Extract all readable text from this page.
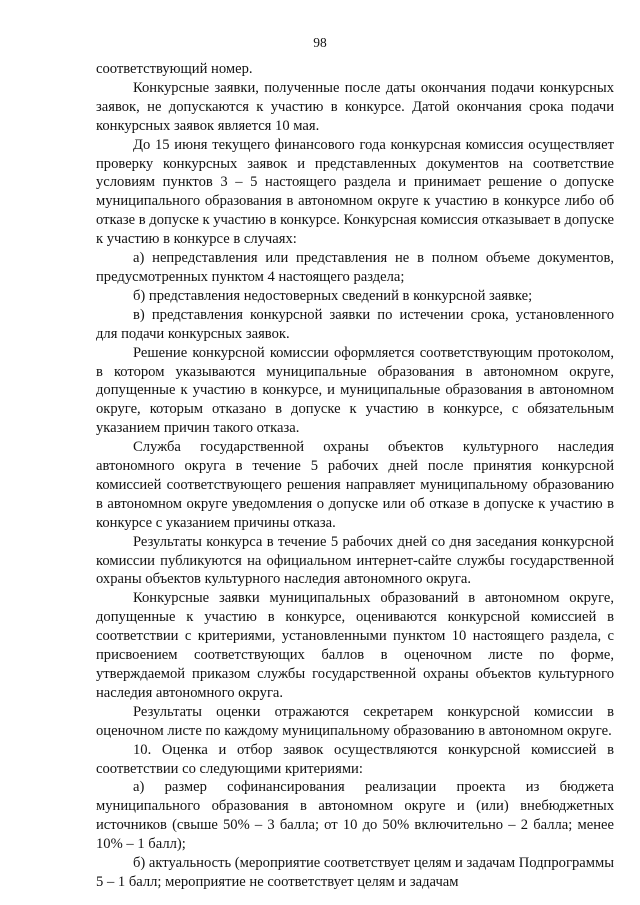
98

соответствующий номер.

Конкурсные заявки, полученные после даты окончания подачи конкурсных заявок, не допускаются к участию в конкурсе. Датой окончания срока подачи конкурсных заявок является 10 мая.

До 15 июня текущего финансового года конкурсная комиссия осуществляет проверку конкурсных заявок и представленных документов на соответствие условиям пунктов 3 – 5 настоящего раздела и принимает решение о допуске муниципального образования в автономном округе к участию в конкурсе либо об отказе в допуске к участию в конкурсе. Конкурсная комиссия отказывает в допуске к участию в конкурсе в случаях:

а) непредставления или представления не в полном объеме документов, предусмотренных пунктом 4 настоящего раздела;

б) представления недостоверных сведений в конкурсной заявке;

в) представления конкурсной заявки по истечении срока, установленного для подачи конкурсных заявок.

Решение конкурсной комиссии оформляется соответствующим протоколом, в котором указываются муниципальные образования в автономном округе, допущенные к участию в конкурсе, и муниципальные образования в автономном округе, которым отказано в допуске к участию в конкурсе, с обязательным указанием причин такого отказа.

Служба государственной охраны объектов культурного наследия автономного округа в течение 5 рабочих дней после принятия конкурсной комиссией соответствующего решения направляет муниципальному образованию в автономном округе уведомления о допуске или об отказе в допуске к участию в конкурсе с указанием причины отказа.

Результаты конкурса в течение 5 рабочих дней со дня заседания конкурсной комиссии публикуются на официальном интернет-сайте службы государственной охраны объектов культурного наследия автономного округа.

Конкурсные заявки муниципальных образований в автономном округе, допущенные к участию в конкурсе, оцениваются конкурсной комиссией в соответствии с критериями, установленными пунктом 10 настоящего раздела, с присвоением соответствующих баллов в оценочном листе по форме, утверждаемой приказом службы государственной охраны объектов культурного наследия автономного округа.

Результаты оценки отражаются секретарем конкурсной комиссии в оценочном листе по каждому муниципальному образованию в автономном округе.

10. Оценка и отбор заявок осуществляются конкурсной комиссией в соответствии со следующими критериями:

а) размер софинансирования реализации проекта из бюджета муниципального образования в автономном округе и (или) внебюджетных источников (свыше 50% – 3 балла; от 10 до 50% включительно – 2 балла; менее 10% – 1 балл);

б) актуальность (мероприятие соответствует целям и задачам Подпрограммы 5 – 1 балл; мероприятие не соответствует целям и задачам
